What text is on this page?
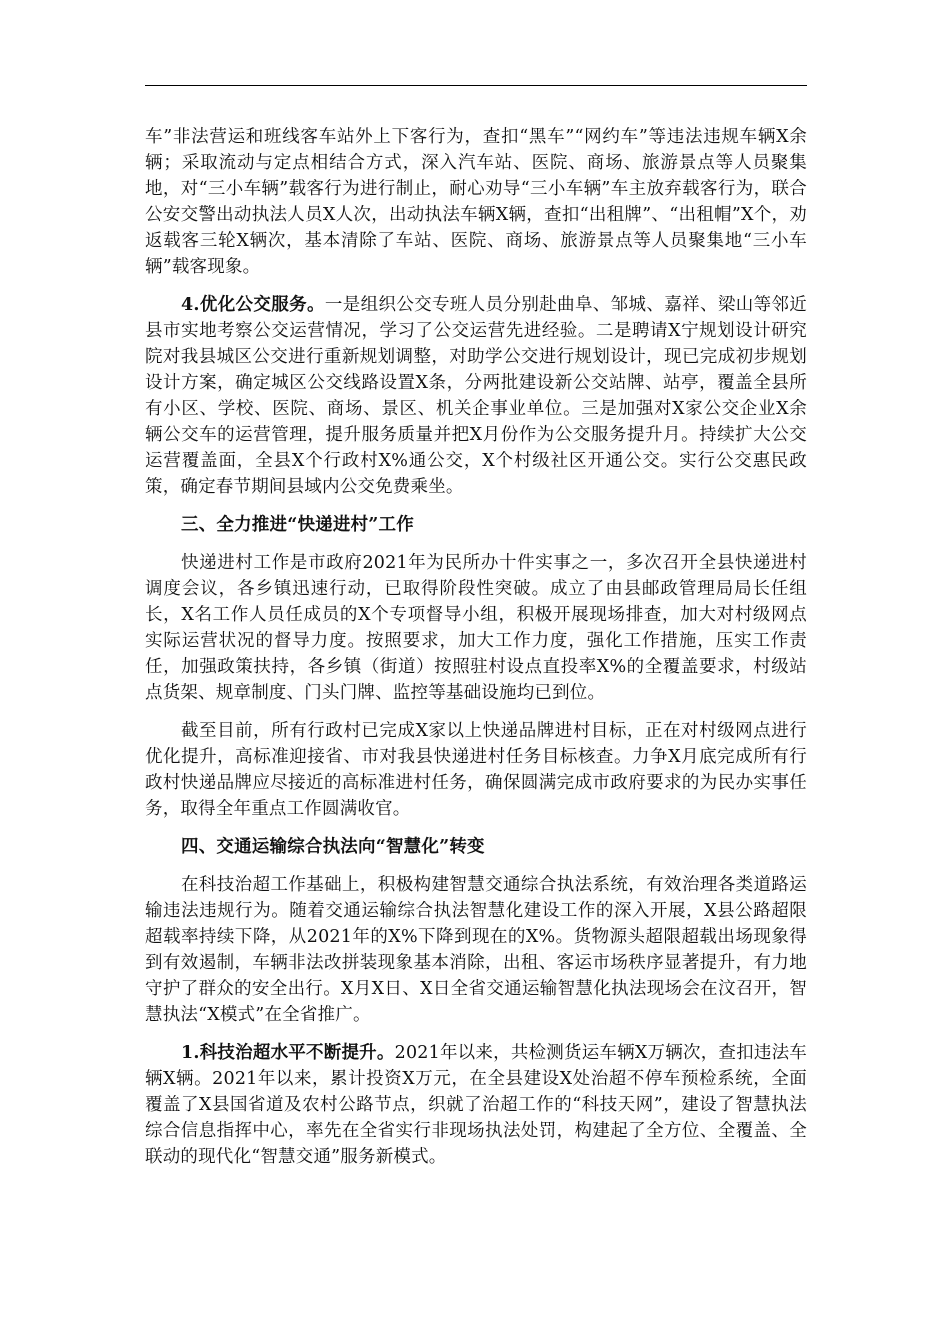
车”非法营运和班线客车站外上下客行为，查扣“黑车”“网约车”等违法违规车辆X余辆；采取流动与定点相结合方式，深入汽车站、医院、商场、旅游景点等人员聚集地，对“三小车辆”载客行为进行制止，耐心劝导“三小车辆”车主放弃载客行为，联合公安交警出动执法人员X人次，出动执法车辆X辆，查扣“出租牌”、“出租帽”X个，劝返载客三轮X辆次，基本清除了车站、医院、商场、旅游景点等人员聚集地“三小车辆”载客现象。

4.优化公交服务。一是组织公交专班人员分别赴曲阜、邹城、嘉祥、梁山等邻近县市实地考察公交运营情况，学习了公交运营先进经验。二是聘请X宁规划设计研究院对我县城区公交进行重新规划调整，对助学公交进行规划设计，现已完成初步规划设计方案，确定城区公交线路设置X条，分两批建设新公交站牌、站亭，覆盖全县所有小区、学校、医院、商场、景区、机关企事业单位。三是加强对X家公交企业X余辆公交车的运营管理，提升服务质量并把X月份作为公交服务提升月。持续扩大公交运营覆盖面，全县X个行政村X%通公交，X个村级社区开通公交。实行公交惠民政策，确定春节期间县域内公交免费乘坐。

三、全力推进“快递进村”工作

快递进村工作是市政府2021年为民所办十件实事之一，多次召开全县快递进村调度会议，各乡镇迅速行动，已取得阶段性突破。成立了由县邮政管理局局长任组长，X名工作人员任成员的X个专项督导小组，积极开展现场排查，加大对村级网点实际运营状况的督导力度。按照要求，加大工作力度，强化工作措施，压实工作责任，加强政策扶持，各乡镇（街道）按照驻村设点直投率X%的全覆盖要求，村级站点货架、规章制度、门头门牌、监控等基础设施均已到位。

截至目前，所有行政村已完成X家以上快递品牌进村目标，正在对村级网点进行优化提升，高标准迎接省、市对我县快递进村任务目标核查。力争X月底完成所有行政村快递品牌应尽接近的高标准进村任务，确保圆满完成市政府要求的为民办实事任务，取得全年重点工作圆满收官。

四、交通运输综合执法向“智慧化”转变

在科技治超工作基础上，积极构建智慧交通综合执法系统，有效治理各类道路运输违法违规行为。随着交通运输综合执法智慧化建设工作的深入开展，X县公路超限超载率持续下降，从2021年的X%下降到现在的X%。货物源头超限超载出场现象得到有效遏制，车辆非法改拼装现象基本消除，出租、客运市场秩序显著提升，有力地守护了群众的安全出行。X月X日、X日全省交通运输智慧化执法现场会在汶召开，智慧执法“X模式”在全省推广。

1.科技治超水平不断提升。2021年以来，共检测货运车辆X万辆次，查扣违法车辆X辆。2021年以来，累计投资X万元，在全县建设X处治超不停车预检系统，全面覆盖了X县国省道及农村公路节点，织就了治超工作的“科技天网”，建设了智慧执法综合信息指挥中心，率先在全省实行非现场执法处罚，构建起了全方位、全覆盖、全联动的现代化“智慧交通”服务新模式。
